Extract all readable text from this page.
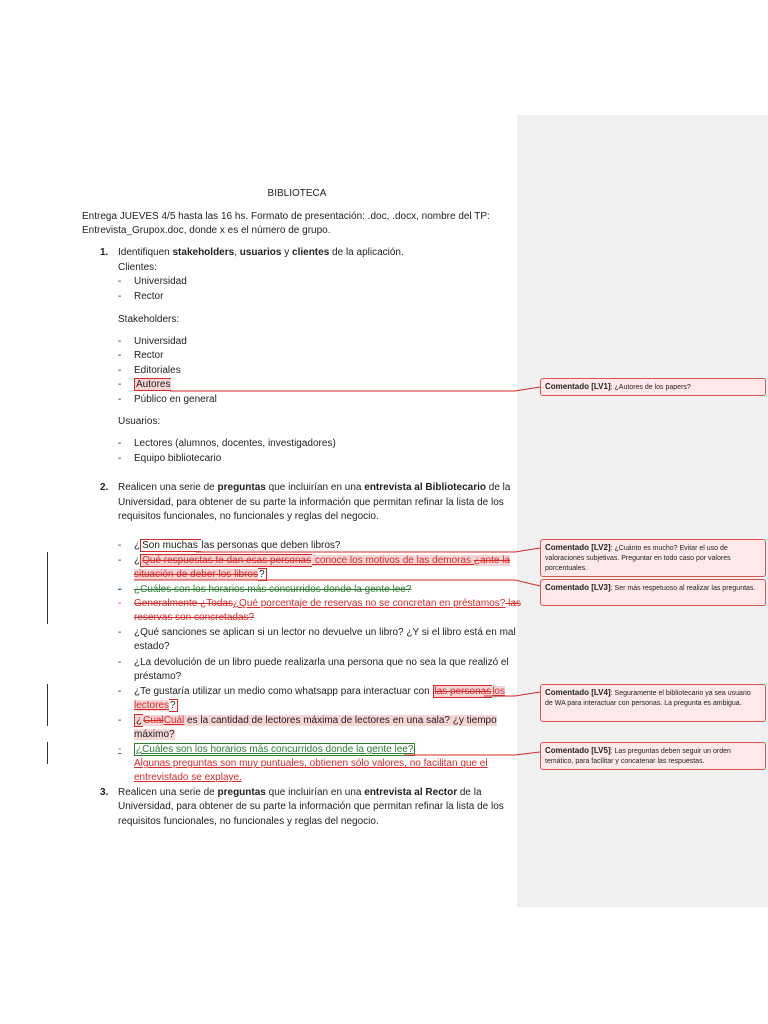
BIBLIOTECA
Entrega JUEVES 4/5 hasta las 16 hs. Formato de presentación: .doc, .docx, nombre del TP: Entrevista_Grupox.doc, donde x es el número de grupo.
1. Identifiquen stakeholders, usuarios y clientes de la aplicación.
Clientes:
- Universidad
- Rector
Stakeholders:
- Universidad
- Rector
- Editoriales
- Autores
- Público en general
Usuarios:
- Lectores (alumnos, docentes, investigadores)
- Equipo bibliotecario
2. Realicen una serie de preguntas que incluirían en una entrevista al Bibliotecario de la
Universidad, para obtener de su parte la información que permitan refinar la lista de los
requisitos funcionales, no funcionales y reglas del negocio.
- ¿ Son muchas las personas que deben libros?
- ¿ Qué respuestas te dan esas personas conoce los motivos de las demoras ¿ante la
situación de deber los libros?
- ¿Cuáles son los horarios más concurridos donde la gente lee?
- Generalmente ¿Todas¿Qué porcentaje de reservas no se concretan en préstamos? las
reservas son concretadas?
- ¿Qué sanciones se aplican si un lector no devuelve un libro? ¿Y si el libro está en mal
estado?
- ¿La devolución de un libro puede realizarla una persona que no sea la que realizó el
préstamo?
- ¿Te gustaría utilizar un medio como whatsapp para interactuar con las personaslos
lectores?
- ¿CualCuál es la cantidad de lectores máxima de lectores en una sala? ¿y tiempo
máximo?
- ¿Cuáles son los horarios más concurridos donde la gente lee?
Algunas preguntas son muy puntuales, obtienen sólo valores, no facilitan que el
entrevistado se explaye.
3. Realicen una serie de preguntas que incluirían en una entrevista al Rector de la
Universidad, para obtener de su parte la información que permitan refinar la lista de los
requisitos funcionales, no funcionales y reglas del negocio.
Comentado [LV1]: ¿Autores de los papers?
Comentado [LV2]: ¿Cuánto es mucho? Evitar el uso de valoraciones subjetivas. Preguntar en todo caso por valores porcentuales.
Comentado [LV3]: Ser más respetuoso al realizar las preguntas.
Comentado [LV4]: Seguramente el bibliotecario ya sea usuario de WA para interactuar con personas. La pregunta es ambigua.
Comentado [LV5]: Las preguntas deben seguir un orden temático, para facilitar y concatenar las respuestas.
